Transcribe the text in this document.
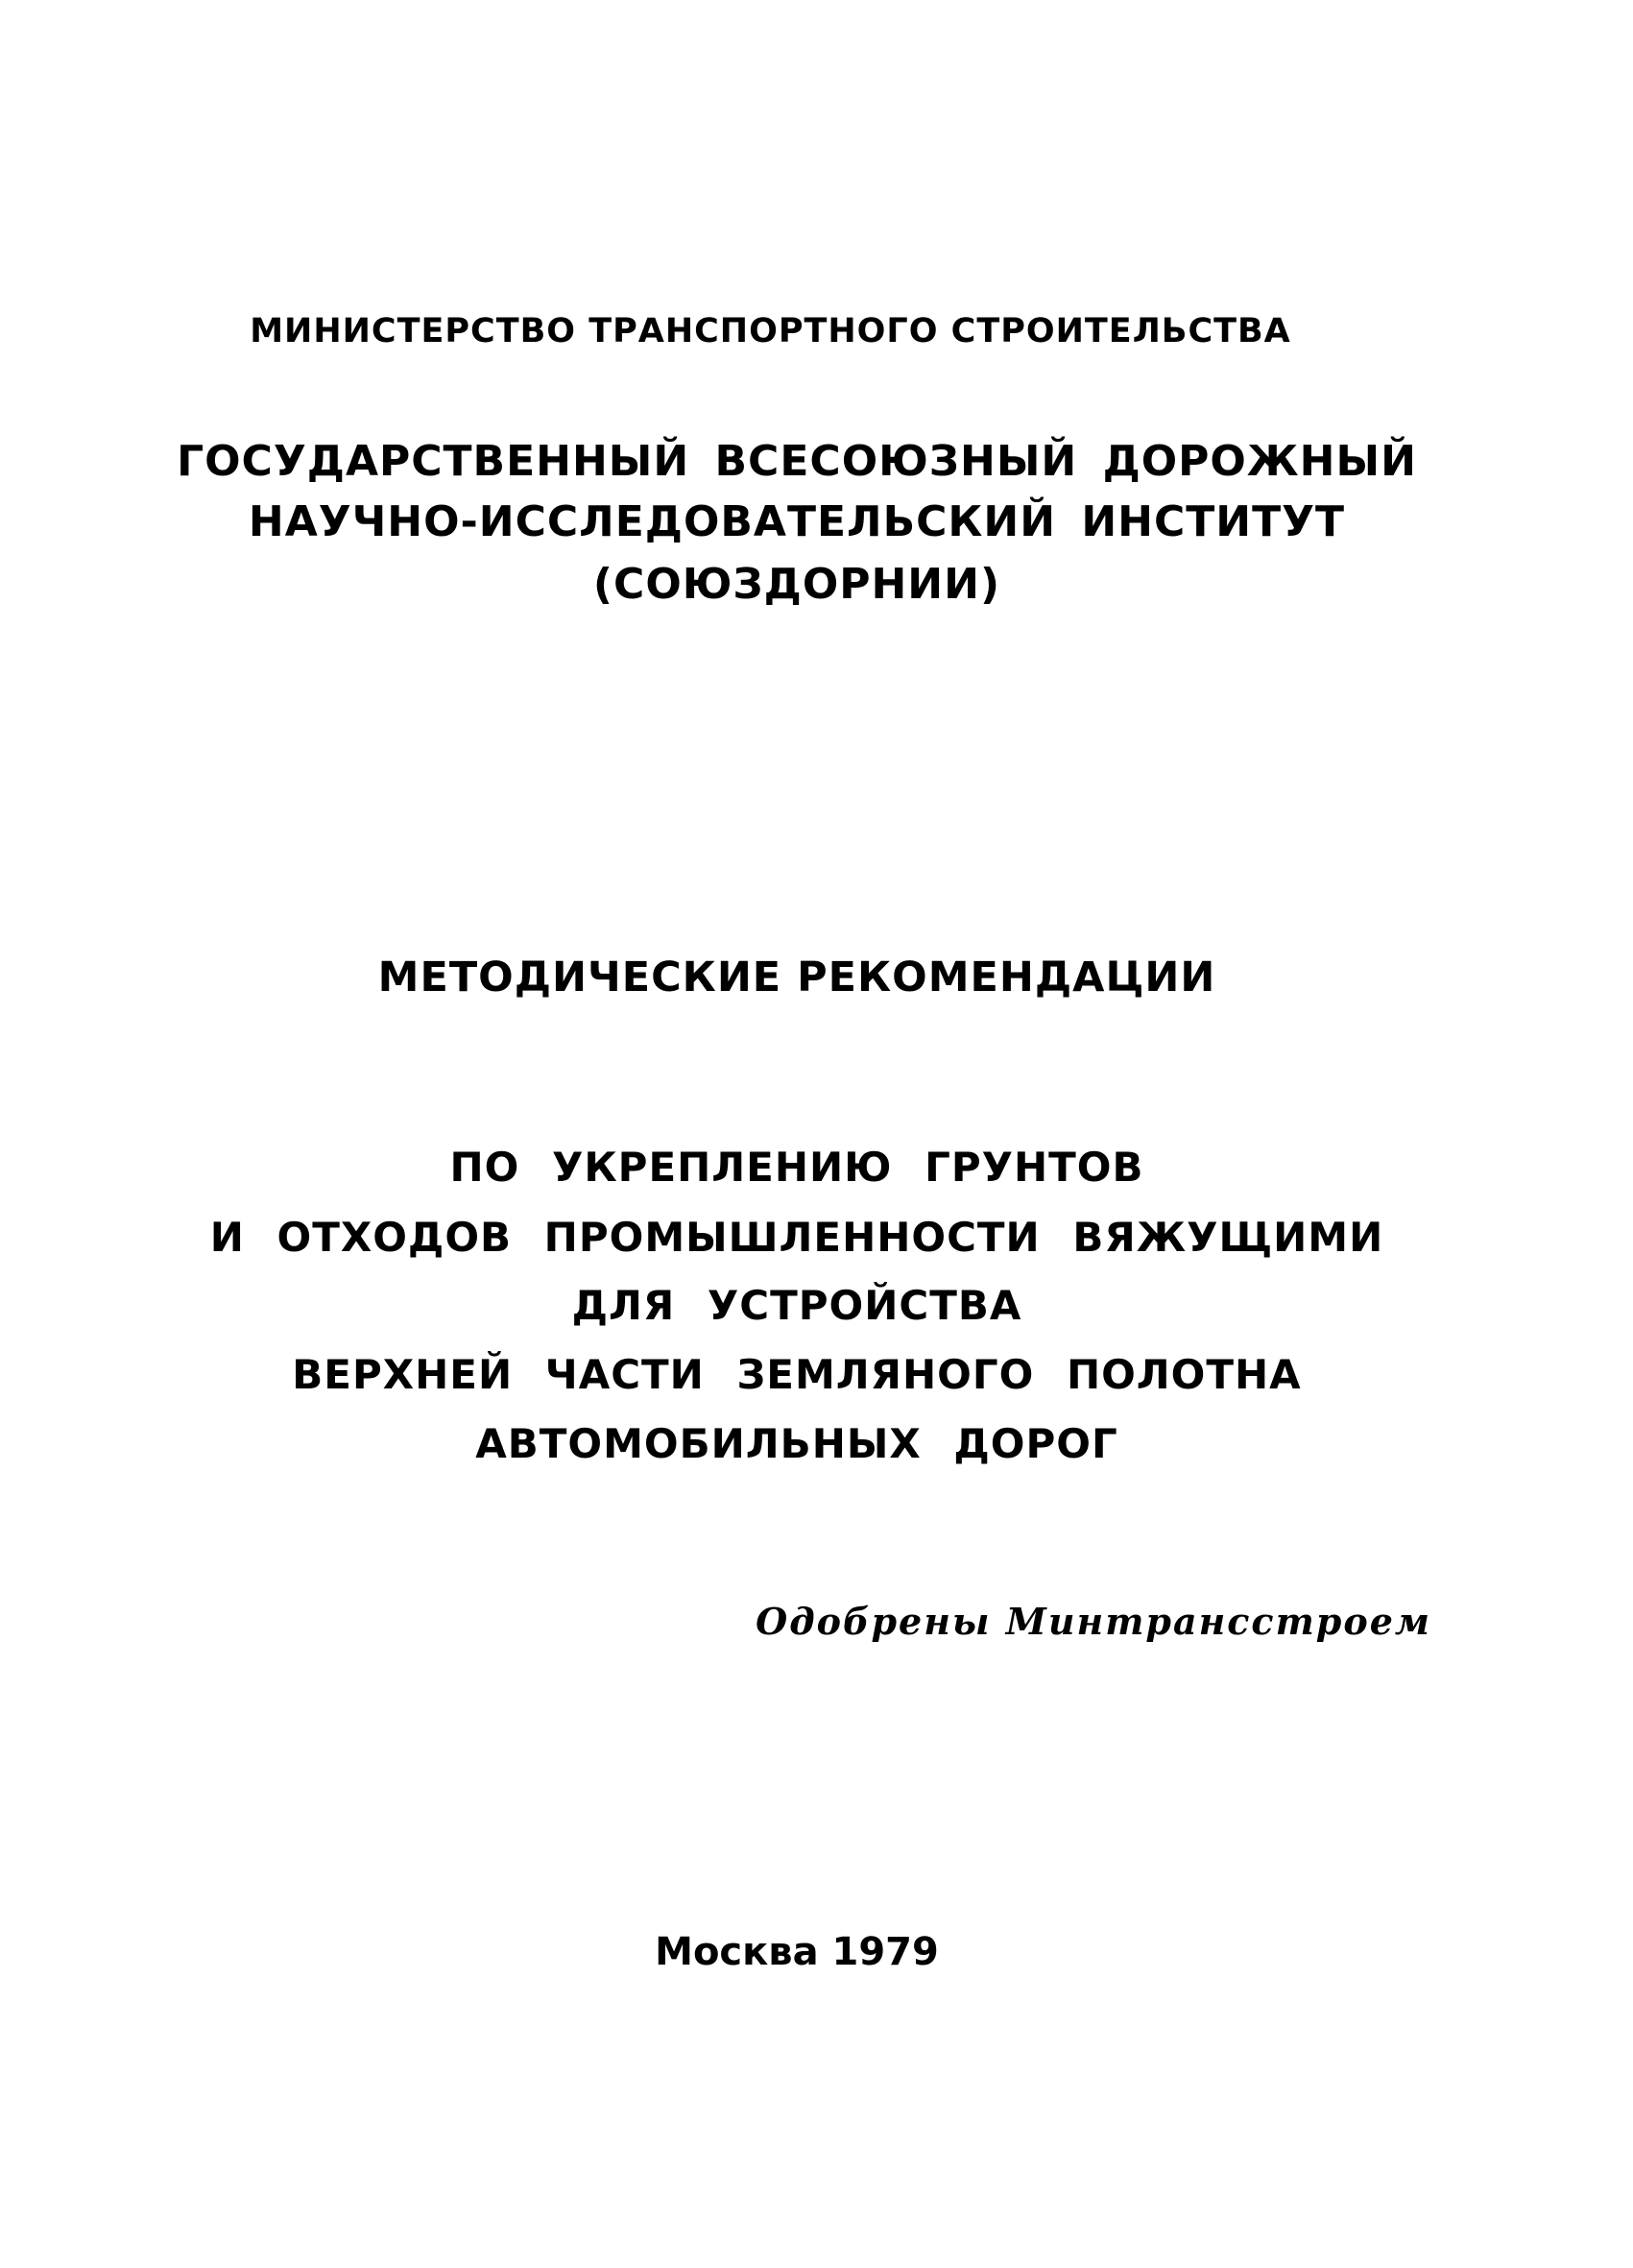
МИНИСТЕРСТВО ТРАНСПОРТНОГО СТРОИТЕЛЬСТВА
ГОСУДАРСТВЕННЫЙ ВСЕСОЮЗНЫЙ ДОРОЖНЫЙ
НАУЧНО-ИССЛЕДОВАТЕЛЬСКИЙ ИНСТИТУТ
(СОЮЗДОРНИИ)
МЕТОДИЧЕСКИЕ РЕКОМЕНДАЦИИ
ПО УКРЕПЛЕНИЮ ГРУНТОВ
И ОТХОДОВ ПРОМЫШЛЕННОСТИ ВЯЖУЩИМИ
ДЛЯ УСТРОЙСТВА
ВЕРХНЕЙ ЧАСТИ ЗЕМЛЯНОГО ПОЛОТНА
АВТОМОБИЛЬНЫХ ДОРОГ
Одобрены Минтрансстроем
Москва 1979
